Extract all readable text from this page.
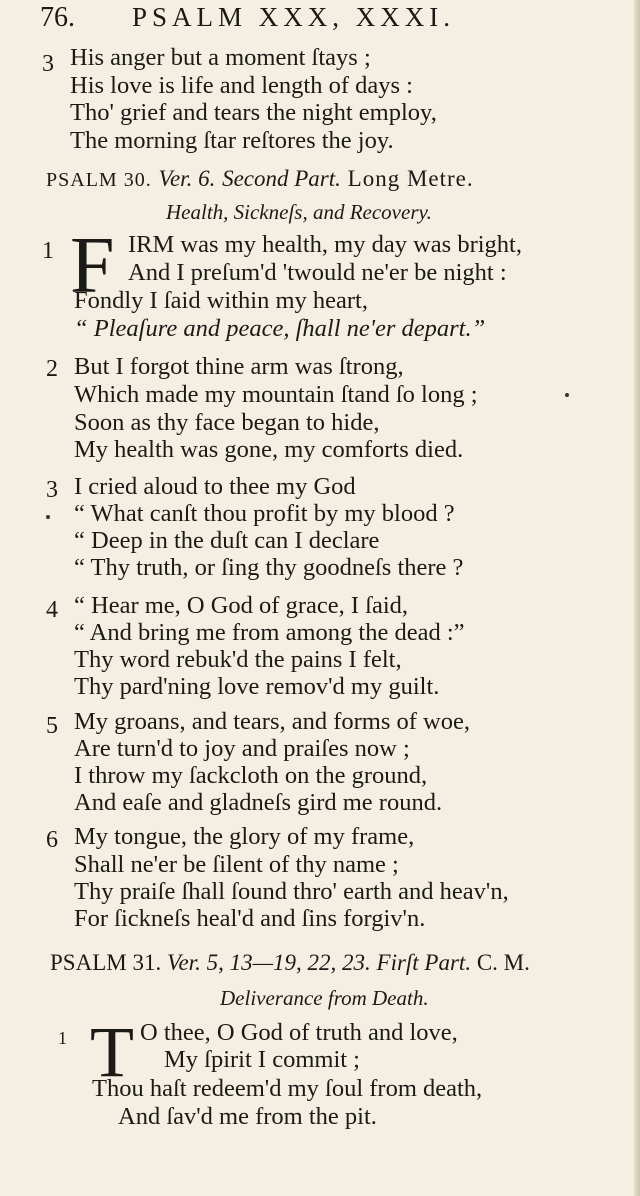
76. PSALM XXX, XXXI.
3 His anger but a moment ſtays ;
His love is life and length of days :
Tho' grief and tears the night employ,
The morning ſtar reſtores the joy.
PSALM 30. Ver. 6. Second Part. Long Metre.
Health, Sickneſs, and Recovery.
1 F IRM was my health, my day was bright,
And I preſum'd 'twould ne'er be night :
Fondly I ſaid within my heart,
“ Pleaſure and peace, ſhall ne'er depart.”
2 But I forgot thine arm was ſtrong,
Which made my mountain ſtand ſo long ;
Soon as thy face began to hide,
My health was gone, my comforts died.
3 I cried aloud to thee my God
“ What canſt thou profit by my blood ?
“ Deep in the duſt can I declare
“ Thy truth, or ſing thy goodneſs there ?
4 “ Hear me, O God of grace, I ſaid,
“ And bring me from among the dead :”
Thy word rebuk'd the pains I felt,
Thy pard'ning love remov'd my guilt.
5 My groans, and tears, and forms of woe,
Are turn'd to joy and praiſes now ;
I throw my ſackcloth on the ground,
And eaſe and gladneſs gird me round.
6 My tongue, the glory of my frame,
Shall ne'er be ſilent of thy name ;
Thy praiſe ſhall ſound thro' earth and heav'n,
For ſickneſs heal'd and ſins forgiv'n.
PSALM 31. Ver. 5, 13—19, 22, 23. Firſt Part. C. M.
Deliverance from Death.
1 T O thee, O God of truth and love,
My ſpirit I commit ;
Thou haſt redeem'd my ſoul from death,
And ſav'd me from the pit.
